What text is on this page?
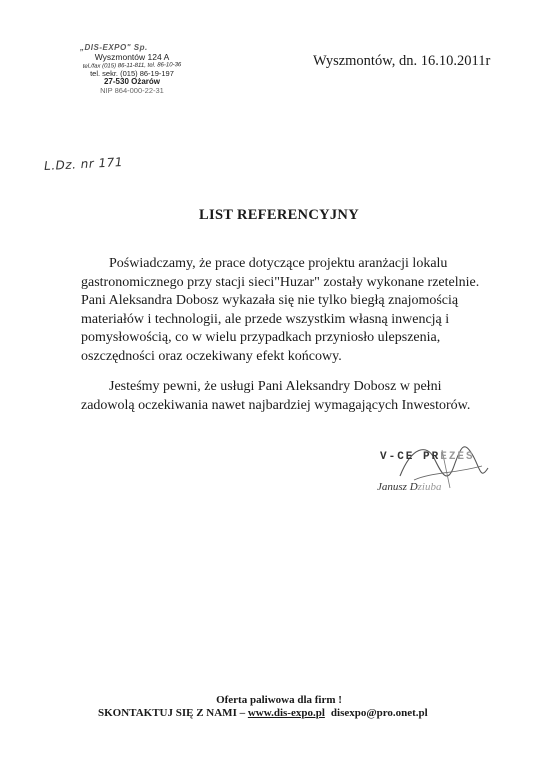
„DIS-EXPO" Sp.
Wyszmontów 124 A
tel./fax (015) 86-11-811, tel. 86-10-36
tel. sekr. (015) 86-19-197
27-530 Ożarów
NIP 864-000-22-31
Wyszmontów, dn. 16.10.2011r
L.Dz. nr 171
LIST REFERENCYJNY

Poświadczamy, że prace dotyczące projektu aranżacji lokalu
gastronomicznego przy stacji sieci"Huzar" zostały wykonane rzetelnie.
Pani Aleksandra Dobosz wykazała się nie tylko biegłą znajomością
materiałów i technologii, ale przede wszystkim własną inwencją i
pomysłowością, co w wielu przypadkach przyniosło ulepszenia,
oszczędności oraz oczekiwany efekt końcowy.

Jesteśmy pewni, że usługi Pani Aleksandry Dobosz w pełni
zadowolą oczekiwania nawet najbardziej wymagających Inwestorów.

V-CE PREZES
Janusz Dziuba
Oferta paliwowa dla firm !
SKONTAKTUJ SIĘ Z NAMI – www.dis-expo.pl disexpo@pro.onet.pl
